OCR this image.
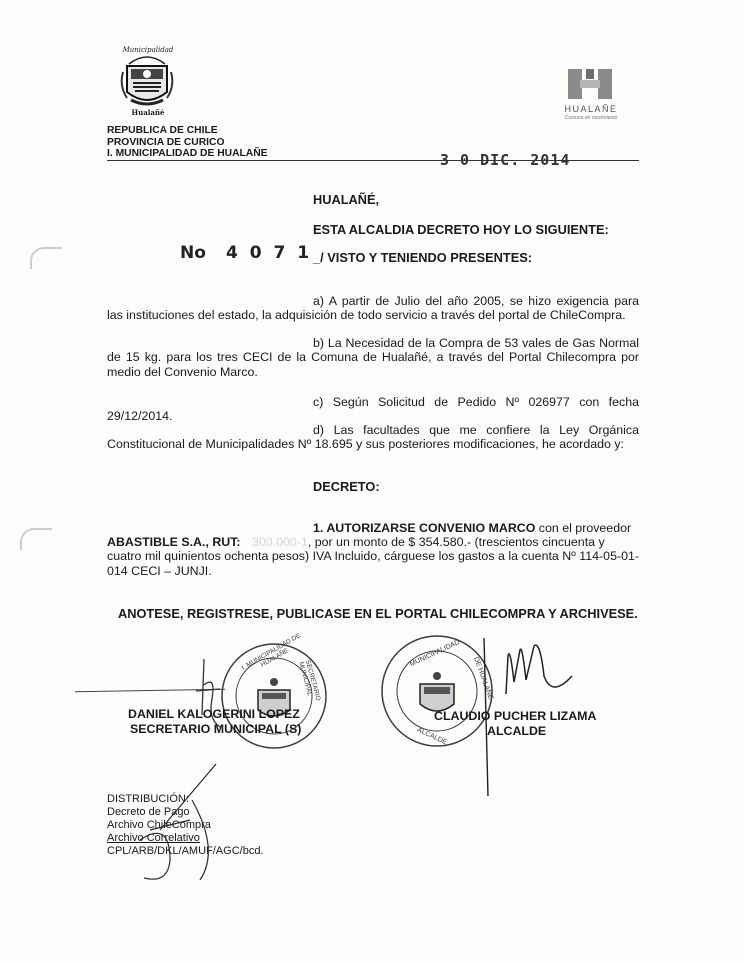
Municipalidad
Hualañé	HUALAÑE
Comuna en movimiento
REPUBLICA DE CHILE
PROVINCIA DE CURICO
I. MUNICIPALIDAD DE HUALAÑE	3 0 DIC. 2014
HUALAÑÉ,
ESTA ALCALDIA DECRETO HOY LO SIGUIENTE:
No 4 0 7 1 _/ VISTO Y TENIENDO PRESENTES:
a) A partir de Julio del año 2005, se hizo exigencia para
las instituciones del estado, la adquisición de todo servicio a través del portal de ChileCompra.
b) La Necesidad de la Compra de 53 vales de Gas Normal
de 15 kg. para los tres CECI de la Comuna de Hualañé, a través del Portal Chilecompra por medio del Convenio Marco.
c) Según Solicitud de Pedido Nº 026977 con fecha
29/12/2014.
d) Las facultades que me confiere la Ley Orgánica
Constitucional de Municipalidades Nº 18.695 y sus posteriores modificaciones, he acordado y:
DECRETO:
1. AUTORIZARSE CONVENIO MARCO con el proveedor
ABASTIBLE S.A., RUT: 300.000-1, por un monto de $ 354.580.- (trescientos cincuenta y
cuatro mil quinientos ochenta pesos) IVA Incluido, cárguese los gastos a la cuenta Nº 114-05-01-014 CECI – JUNJI.
ANOTESE, REGISTRESE, PUBLICASE EN EL PORTAL CHILECOMPRA Y ARCHIVESE.
I. MUNICIPALIDAD DE HUALAÑE
SECRETARIO MUNICIPAL
MUNICIPALIDAD
DE HUALAÑE
ALCALDE
DANIEL KALOGERINI LOPEZ
SECRETARIO MUNICIPAL (S)
CLAUDIO PUCHER LIZAMA
ALCALDE
DISTRIBUCIÓN:
Decreto de Pago
Archivo ChileCompra
Archivo Correlativo
CPL/ARB/DKL/AMUF/AGC/bcd.
